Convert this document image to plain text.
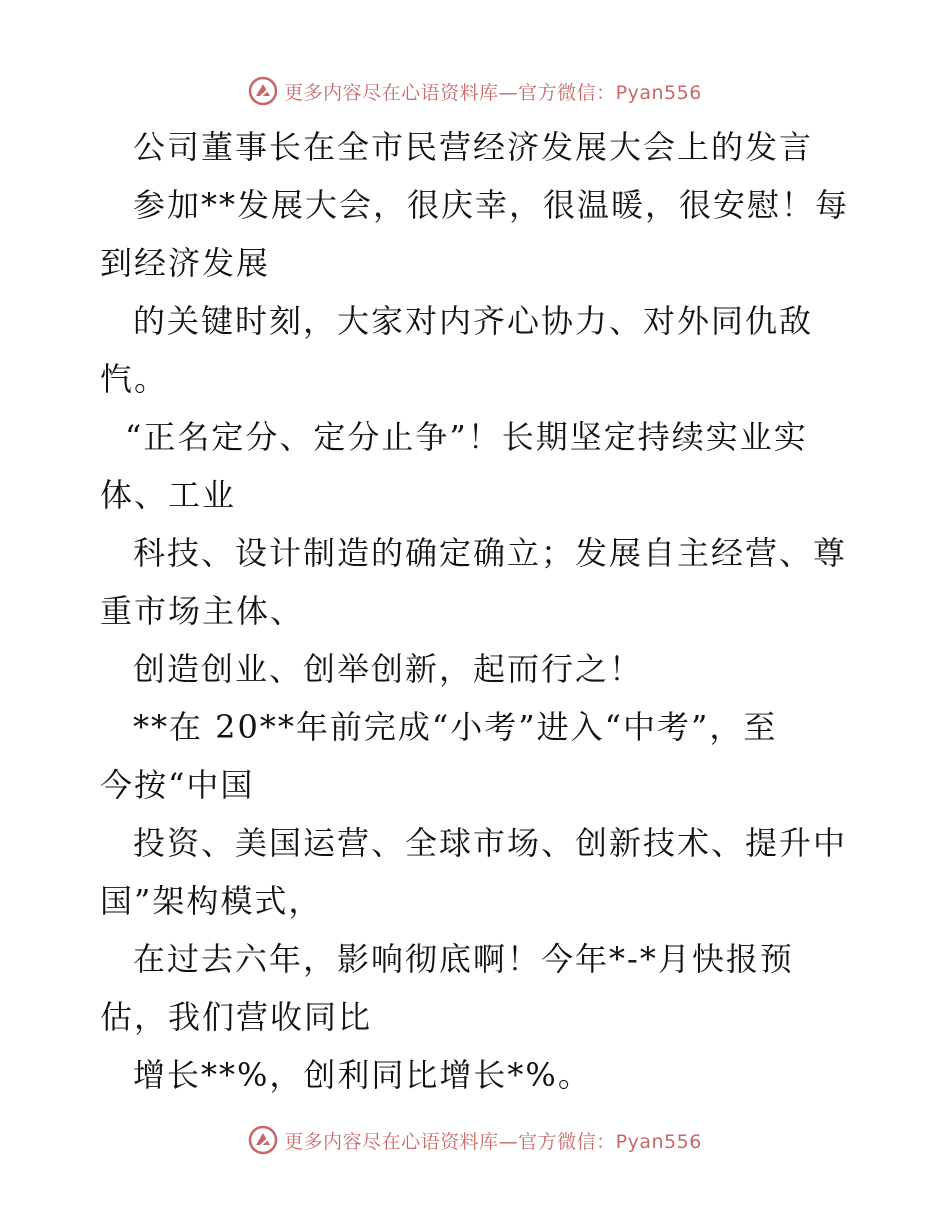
更多内容尽在心语资料库—官方微信：Pyan556
公司董事长在全市民营经济发展大会上的发言
参加**发展大会，很庆幸，很温暖，很安慰！每
到经济发展
的关键时刻，大家对内齐心协力、对外同仇敌
忾。
“正名定分、定分止争”！长期坚定持续实业实
体、工业
科技、设计制造的确定确立；发展自主经营、尊
重市场主体、
创造创业、创举创新，起而行之！
**在 20**年前完成“小考”进入“中考”，至
今按“中国
投资、美国运营、全球市场、创新技术、提升中
国”架构模式，
在过去六年，影响彻底啊！今年*-*月快报预
估，我们营收同比
增长**%，创利同比增长*%。
更多内容尽在心语资料库—官方微信：Pyan556
